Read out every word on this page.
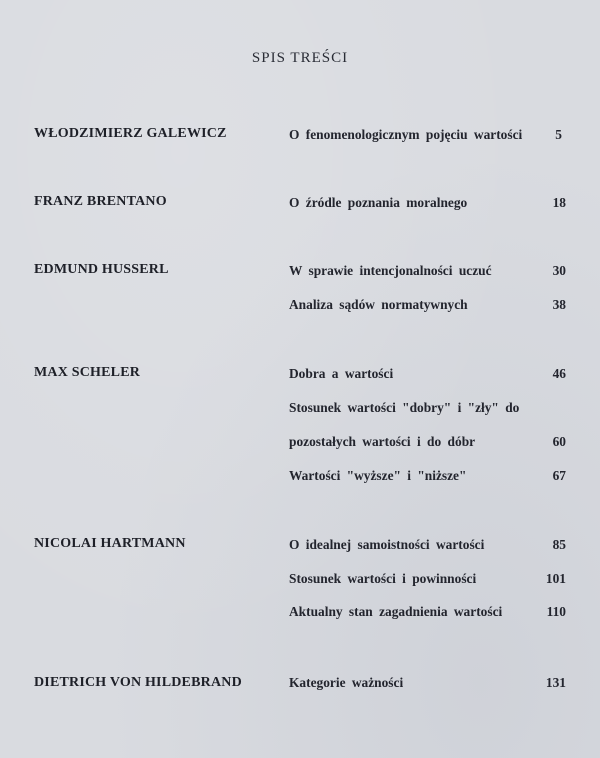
SPIS TREŚCI
WŁODZIMIERZ GALEWICZ	O fenomenologicznym pojęciu wartości 5
FRANZ BRENTANO	O źródle poznania moralnego	18
EDMUND HUSSERL	W sprawie intencjonalności uczuć	30
Analiza sądów normatywnych	38
MAX SCHELER	Dobra a wartości	46
Stosunek wartości "dobry" i "zły" do
pozostałych wartości i do dóbr	60
Wartości "wyższe" i "niższe"	67
NICOLAI HARTMANN	O idealnej samoistności wartości	85
Stosunek wartości i powinności	101
Aktualny stan zagadnienia wartości	110
DIETRICH VON HILDEBRAND	Kategorie ważności	131
